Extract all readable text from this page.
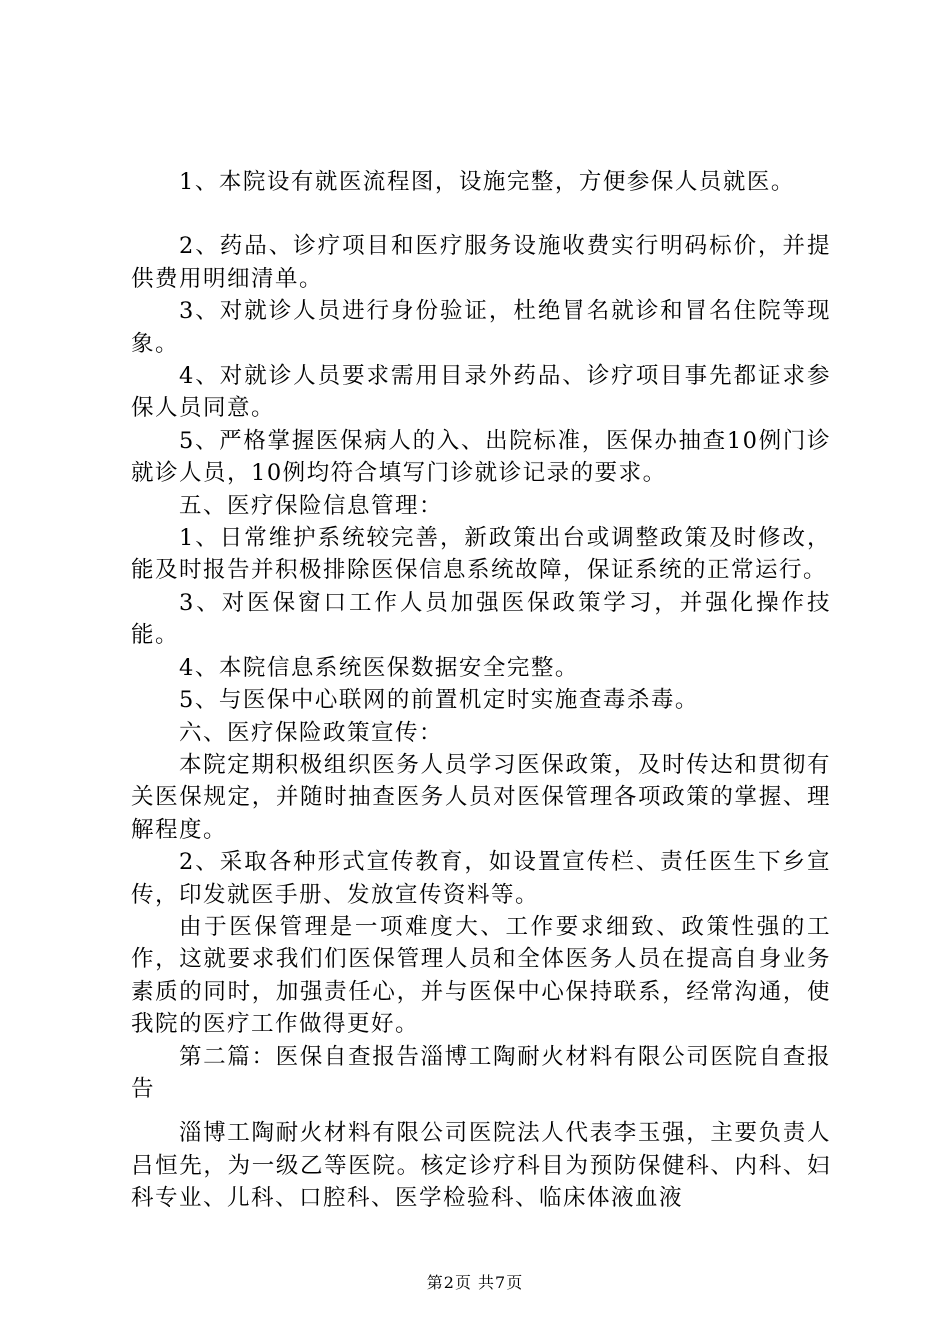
1、本院设有就医流程图，设施完整，方便参保人员就医。

2、药品、诊疗项目和医疗服务设施收费实行明码标价，并提供费用明细清单。

3、对就诊人员进行身份验证，杜绝冒名就诊和冒名住院等现象。

4、对就诊人员要求需用目录外药品、诊疗项目事先都证求参保人员同意。

5、严格掌握医保病人的入、出院标准，医保办抽查10例门诊就诊人员，10例均符合填写门诊就诊记录的要求。

五、医疗保险信息管理：

1、日常维护系统较完善，新政策出台或调整政策及时修改，能及时报告并积极排除医保信息系统故障，保证系统的正常运行。

3、对医保窗口工作人员加强医保政策学习，并强化操作技能。

4、本院信息系统医保数据安全完整。

5、与医保中心联网的前置机定时实施查毒杀毒。

六、医疗保险政策宣传：

本院定期积极组织医务人员学习医保政策，及时传达和贯彻有关医保规定，并随时抽查医务人员对医保管理各项政策的掌握、理解程度。

2、采取各种形式宣传教育，如设置宣传栏、责任医生下乡宣传，印发就医手册、发放宣传资料等。

由于医保管理是一项难度大、工作要求细致、政策性强的工作，这就要求我们们医保管理人员和全体医务人员在提高自身业务素质的同时，加强责任心，并与医保中心保持联系，经常沟通，使我院的医疗工作做得更好。

第二篇：医保自查报告淄博工陶耐火材料有限公司医院自查报告

淄博工陶耐火材料有限公司医院法人代表李玉强，主要负责人吕恒先，为一级乙等医院。核定诊疗科目为预防保健科、内科、妇科专业、儿科、口腔科、医学检验科、临床体液血液

第2页 共7页
